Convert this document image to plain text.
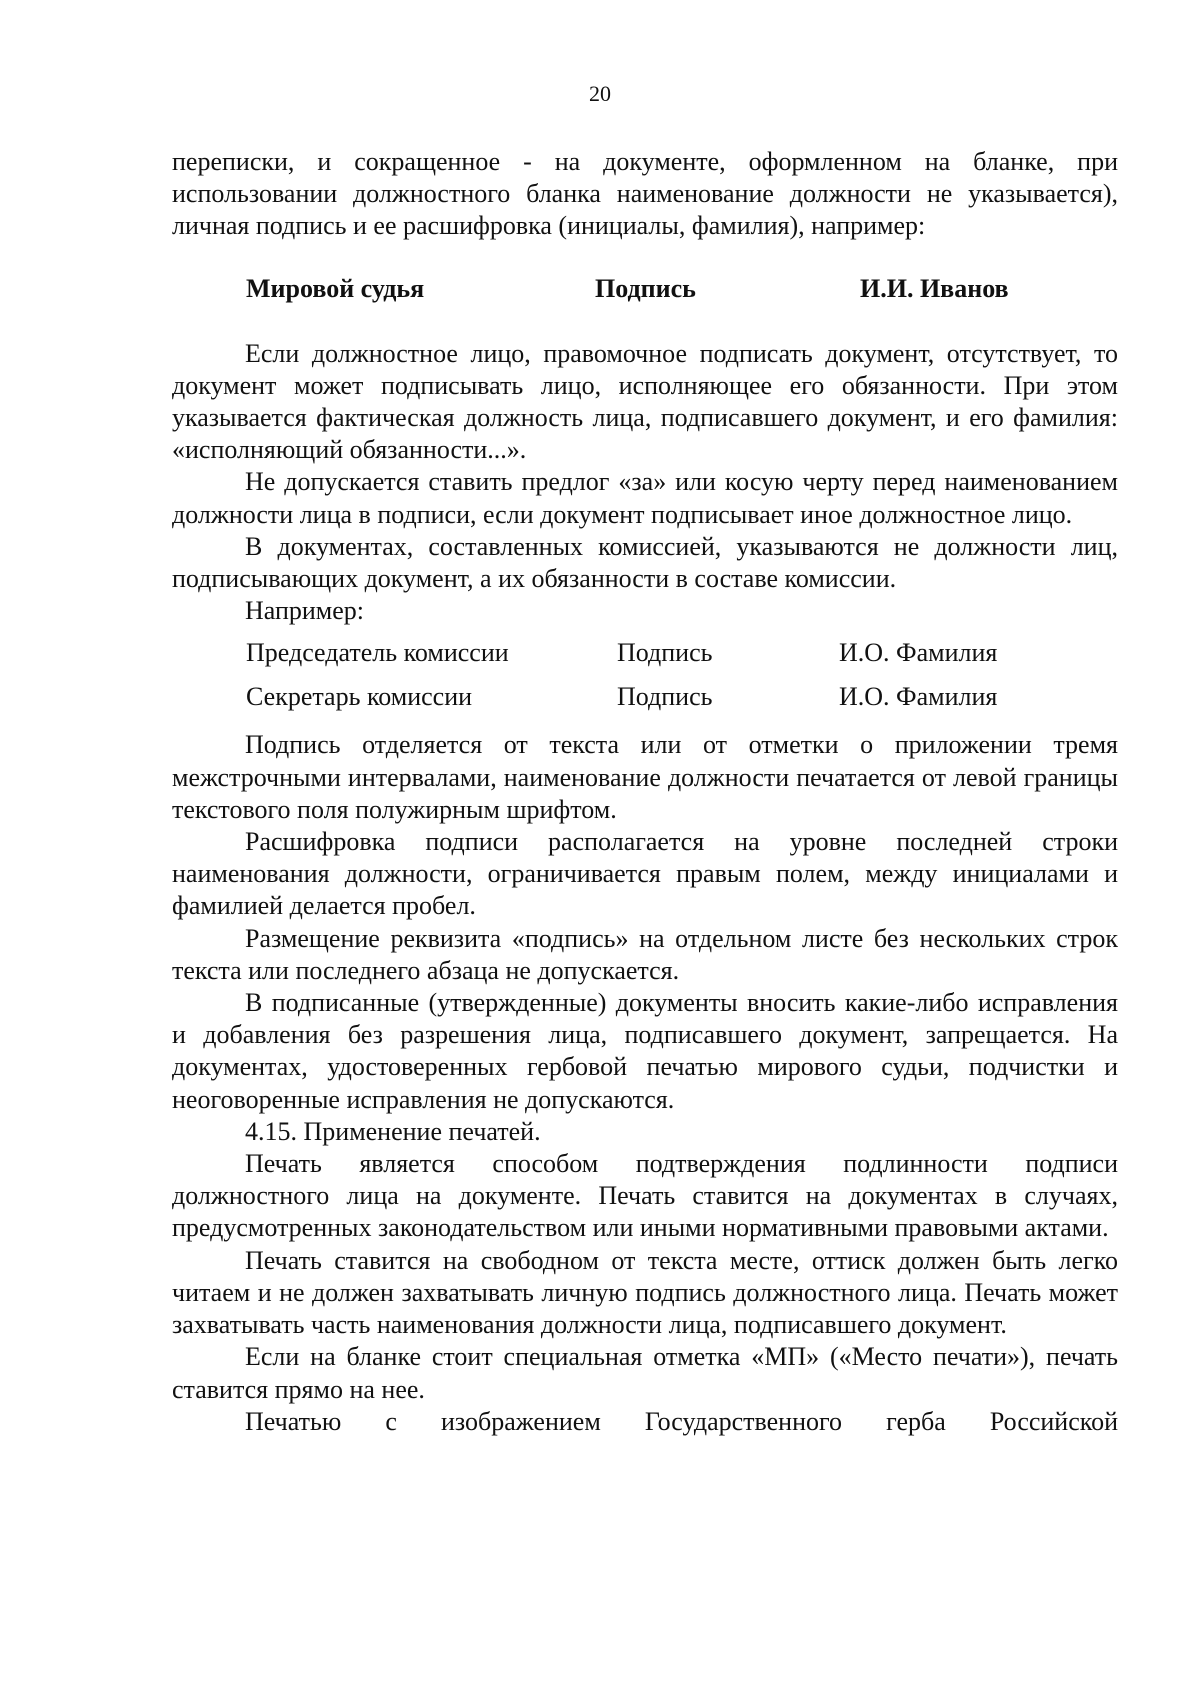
20

переписки, и сокращенное - на документе, оформленном на бланке, при использовании должностного бланка наименование должности не указывается), личная подпись и ее расшифровка (инициалы, фамилия), например:

Мировой судья	Подпись	И.И. Иванов

Если должностное лицо, правомочное подписать документ, отсутствует, то документ может подписывать лицо, исполняющее его обязанности. При этом указывается фактическая должность лица, подписавшего документ, и его фамилия: «исполняющий обязанности...».

Не допускается ставить предлог «за» или косую черту перед наименованием должности лица в подписи, если документ подписывает иное должностное лицо.

В документах, составленных комиссией, указываются не должности лиц, подписывающих документ, а их обязанности в составе комиссии.

Например:

Председатель комиссии	Подпись	И.О. Фамилия
Секретарь комиссии	Подпись	И.О. Фамилия

Подпись отделяется от текста или от отметки о приложении тремя межстрочными интервалами, наименование должности печатается от левой границы текстового поля полужирным шрифтом.

Расшифровка подписи располагается на уровне последней строки наименования должности, ограничивается правым полем, между инициалами и фамилией делается пробел.

Размещение реквизита «подпись» на отдельном листе без нескольких строк текста или последнего абзаца не допускается.

В подписанные (утвержденные) документы вносить какие-либо исправления и добавления без разрешения лица, подписавшего документ, запрещается. На документах, удостоверенных гербовой печатью мирового судьи, подчистки и неоговоренные исправления не допускаются.

4.15. Применение печатей.

Печать является способом подтверждения подлинности подписи должностного лица на документе. Печать ставится на документах в случаях, предусмотренных законодательством или иными нормативными правовыми актами.

Печать ставится на свободном от текста месте, оттиск должен быть легко читаем и не должен захватывать личную подпись должностного лица. Печать может захватывать часть наименования должности лица, подписавшего документ.

Если на бланке стоит специальная отметка «МП» («Место печати»), печать ставится прямо на нее.

Печатью с изображением Государственного герба Российской
